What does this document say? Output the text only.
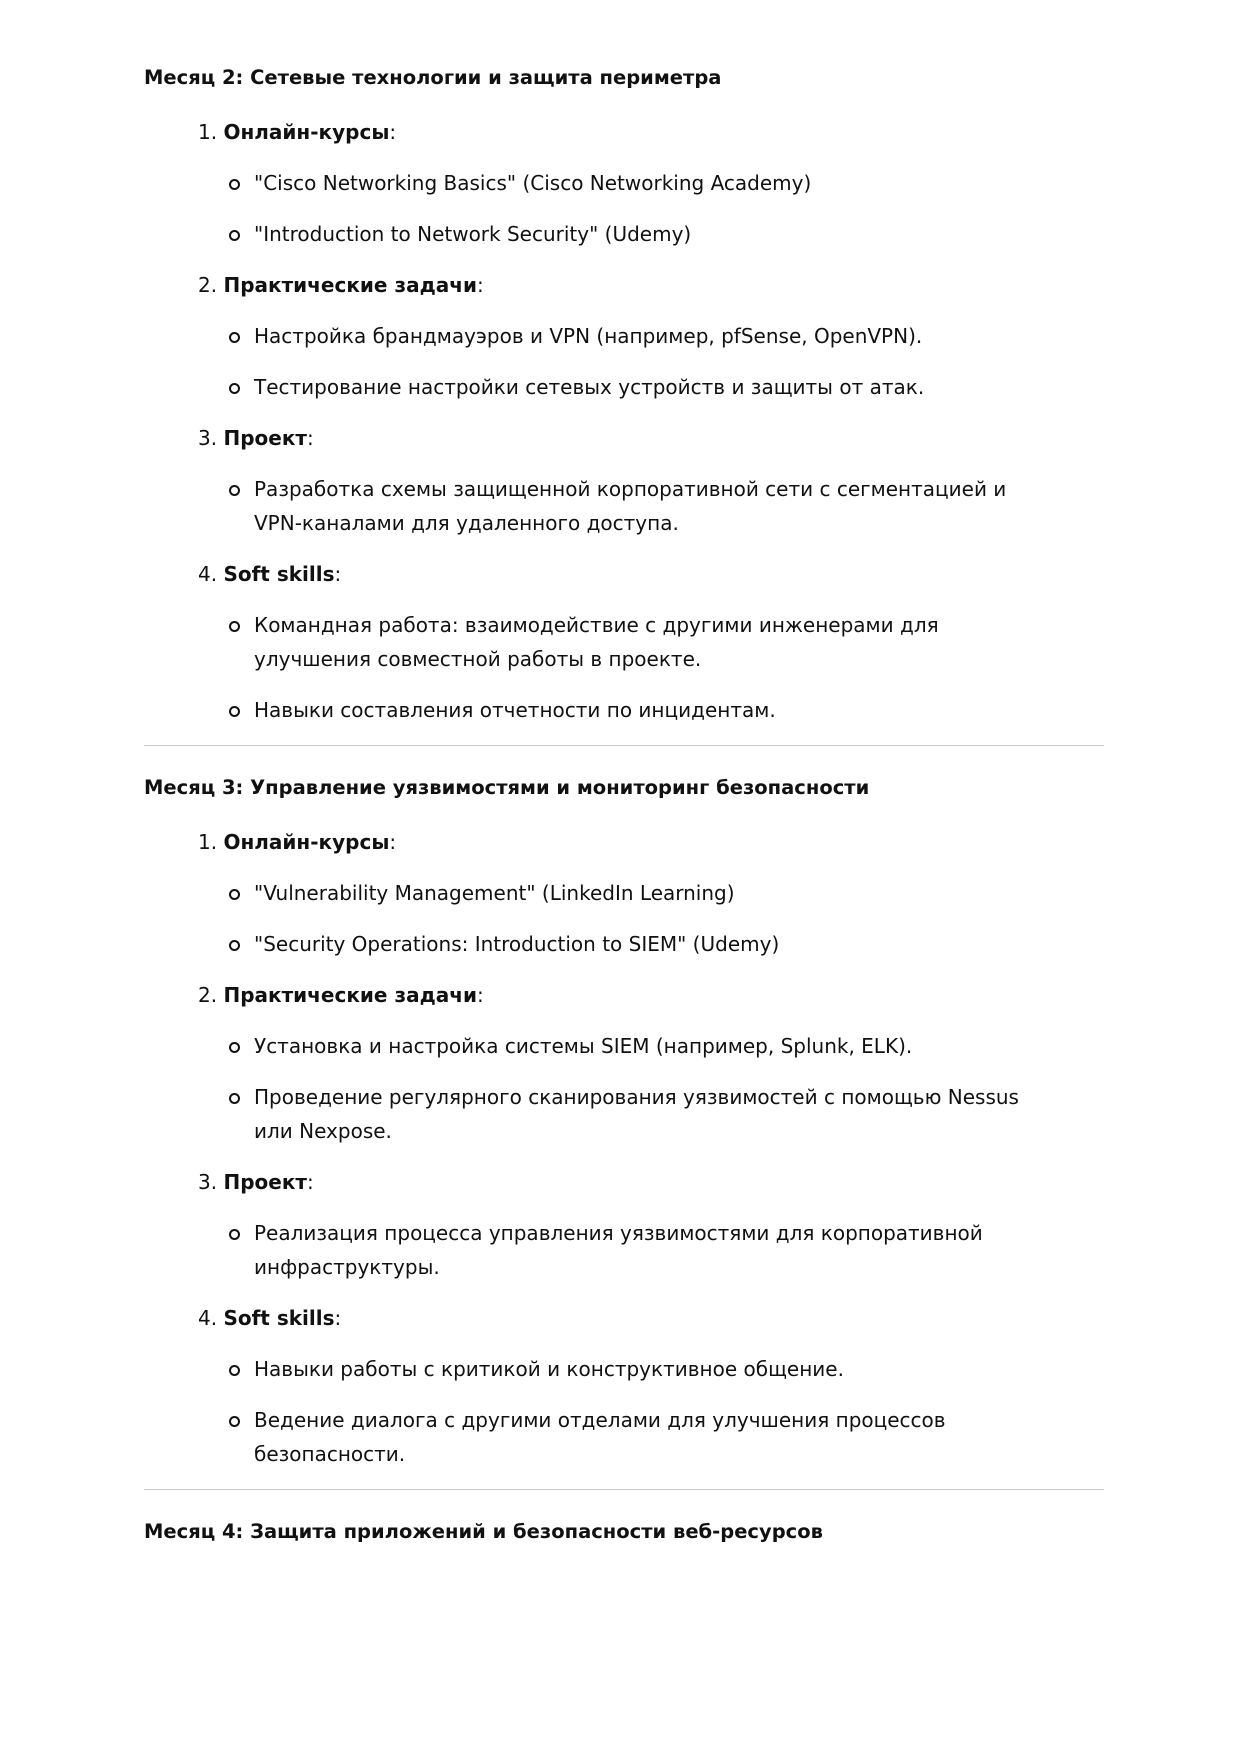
Месяц 2: Сетевые технологии и защита периметра

1. Онлайн-курсы:
"Cisco Networking Basics" (Cisco Networking Academy)
"Introduction to Network Security" (Udemy)
2. Практические задачи:
Настройка брандмауэров и VPN (например, pfSense, OpenVPN).
Тестирование настройки сетевых устройств и защиты от атак.
3. Проект:
Разработка схемы защищенной корпоративной сети с сегментацией и VPN-каналами для удаленного доступа.
4. Soft skills:
Командная работа: взаимодействие с другими инженерами для улучшения совместной работы в проекте.
Навыки составления отчетности по инцидентам.

Месяц 3: Управление уязвимостями и мониторинг безопасности

1. Онлайн-курсы:
"Vulnerability Management" (LinkedIn Learning)
"Security Operations: Introduction to SIEM" (Udemy)
2. Практические задачи:
Установка и настройка системы SIEM (например, Splunk, ELK).
Проведение регулярного сканирования уязвимостей с помощью Nessus или Nexpose.
3. Проект:
Реализация процесса управления уязвимостями для корпоративной инфраструктуры.
4. Soft skills:
Навыки работы с критикой и конструктивное общение.
Ведение диалога с другими отделами для улучшения процессов безопасности.

Месяц 4: Защита приложений и безопасности веб-ресурсов
